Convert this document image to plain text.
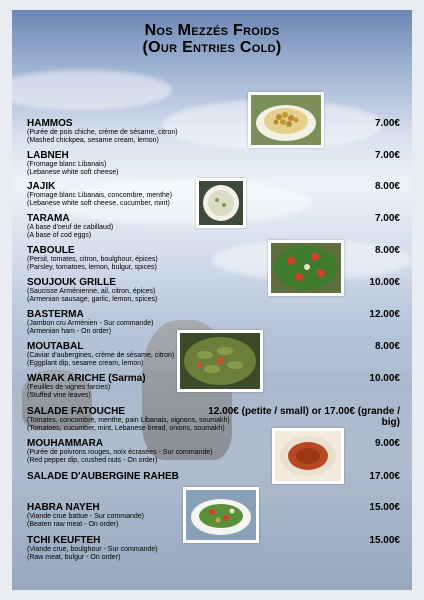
Nos Mezzés Froids
(Our Entries Cold)
HAMMOS
(Purée de pois chiche, crème de sésame, citron)
(Mashed chickpea, sesame cream, lemon)
7.00€
LABNEH
(Fromage blanc Libanais)
(Lebanese white soft cheese)
7.00€
JAJIK
(Fromage blanc Libanais, concombre, menthe)
(Lebanese white soft cheese, cucumber, mint)
8.00€
TARAMA
(A base d'oeuf de cabillaud)
(A base of cod eggs)
7.00€
TABOULE
(Persil, tomates, citron, boulghour, épices)
(Parsley, tomatoes, lemon, bulgur, spices)
8.00€
SOUJOUK GRILLE
(Saucisse Arménienne, ail, citron, épices)
(Armenian sausage, garlic, lemon, spices)
10.00€
BASTERMA
(Jambon cru Arménien - Sur commande)
(Armenian ham - On order)
12.00€
MOUTABAL
(Caviar d'aubergines, crème de sésame, citron)
(Eggplant dip, sesame cream, lemon)
8.00€
WARAK ARICHE (Sarma)
(Feuilles de vignes farcies)
(Stuffed vine leaves)
10.00€
SALADE FATOUCHE
(Tomates, concombre, menthe, pain Libanais, oignons, soumakh)
(Tomatoes, cucumber, mint, Lebanese bread, onions, soumakh)
12.00€ (petite / small) or 17.00€ (grande / big)
MOUHAMMARA
(Purée de poivrons rouges, noix écrasées - Sur commande)
(Red pepper dip, crushed nuts - On order)
9.00€
SALADE D'AUBERGINE RAHEB	17.00€
HABRA NAYEH
(Viande crue battue - Sur commande)
(Beaten raw meat - On order)
15.00€
TCHI KEUFTEH
(Viande crue, boulghour - Sur commande)
(Raw meat, bulgur - On order)
15.00€
